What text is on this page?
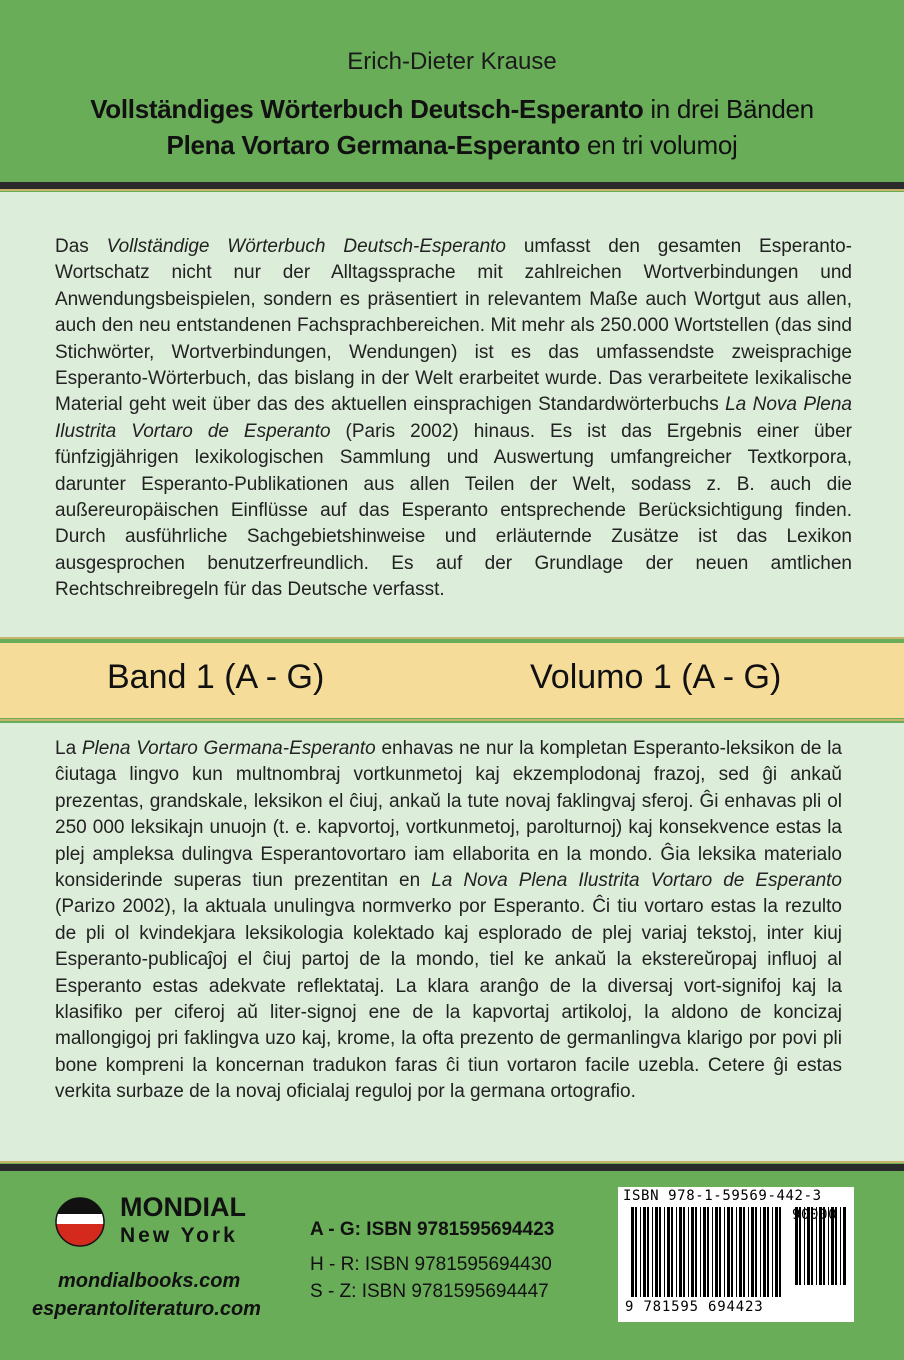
Erich-Dieter Krause
Vollständiges Wörterbuch Deutsch-Esperanto in drei Bänden
Plena Vortaro Germana-Esperanto en tri volumoj
Das Vollständige Wörterbuch Deutsch-Esperanto umfasst den gesamten Esperanto-Wortschatz nicht nur der Alltagssprache mit zahlreichen Wortverbindungen und Anwendungsbeispielen, sondern es präsentiert in relevantem Maße auch Wortgut aus allen, auch den neu entstandenen Fachsprachbereichen. Mit mehr als 250.000 Wortstellen (das sind Stichwörter, Wortverbindungen, Wendungen) ist es das umfassendste zweisprachige Esperanto-Wörterbuch, das bislang in der Welt erarbeitet wurde. Das verarbeitete lexikalische Material geht weit über das des aktuellen einsprachigen Standardwörterbuchs La Nova Plena Ilustrita Vortaro de Esperanto (Paris 2002) hinaus. Es ist das Ergebnis einer über fünfzigjährigen lexikologischen Sammlung und Auswertung umfangreicher Textkorpora, darunter Esperanto-Publikationen aus allen Teilen der Welt, sodass z. B. auch die außereuropäischen Einflüsse auf das Esperanto entsprechende Berücksichtigung finden. Durch ausführliche Sachgebietshinweise und erläuternde Zusätze ist das Lexikon ausgesprochen benutzerfreundlich. Es auf der Grundlage der neuen amtlichen Rechtschreibregeln für das Deutsche verfasst.
Band 1 (A - G)	Volumo 1 (A - G)
La Plena Vortaro Germana-Esperanto enhavas ne nur la kompletan Esperanto-leksikon de la ĉiutaga lingvo kun multnombraj vortkunmetoj kaj ekzemplodonaj frazoj, sed ĝi ankaŭ prezentas, grandskale, leksikon el ĉiuj, ankaŭ la tute novaj faklingvaj sferoj. Ĝi enhavas pli ol 250 000 leksikajn unuojn (t. e. kapvortoj, vortkunmetoj, parolturnoj) kaj konsekvence estas la plej ampleksa dulingva Esperantovortaro iam ellaborita en la mondo. Ĝia leksika materialo konsiderinde superas tiun prezentitan en La Nova Plena Ilustrita Vortaro de Esperanto (Parizo 2002), la aktuala unulingva normverko por Esperanto. Ĉi tiu vortaro estas la rezulto de pli ol kvindekjara leksikologia kolektado kaj esplorado de plej variaj tekstoj, inter kiuj Esperanto-publicaĵoj el ĉiuj partoj de la mondo, tiel ke ankaŭ la ekstereŭropaj influoj al Esperanto estas adekvate reflektataj. La klara aranĝo de la diversaj vort-signifoj kaj la klasifiko per ciferoj aŭ liter-signoj ene de la kapvortaj artikoloj, la aldono de koncizaj mallongigoj pri faklingva uzo kaj, krome, la ofta prezento de germanlingva klarigo por povi pli bone kompreni la koncernan tradukon faras ĉi tiun vortaron facile uzebla. Cetere ĝi estas verkita surbaze de la novaj oficialaj reguloj por la germana ortografio.
MONDIAL
New York
mondialbooks.com
esperantoliteraturo.com
A - G: ISBN 9781595694423
H - R: ISBN 9781595694430
S - Z: ISBN 9781595694447
ISBN 978-1-59569-442-3
90000
9 781595 694423
